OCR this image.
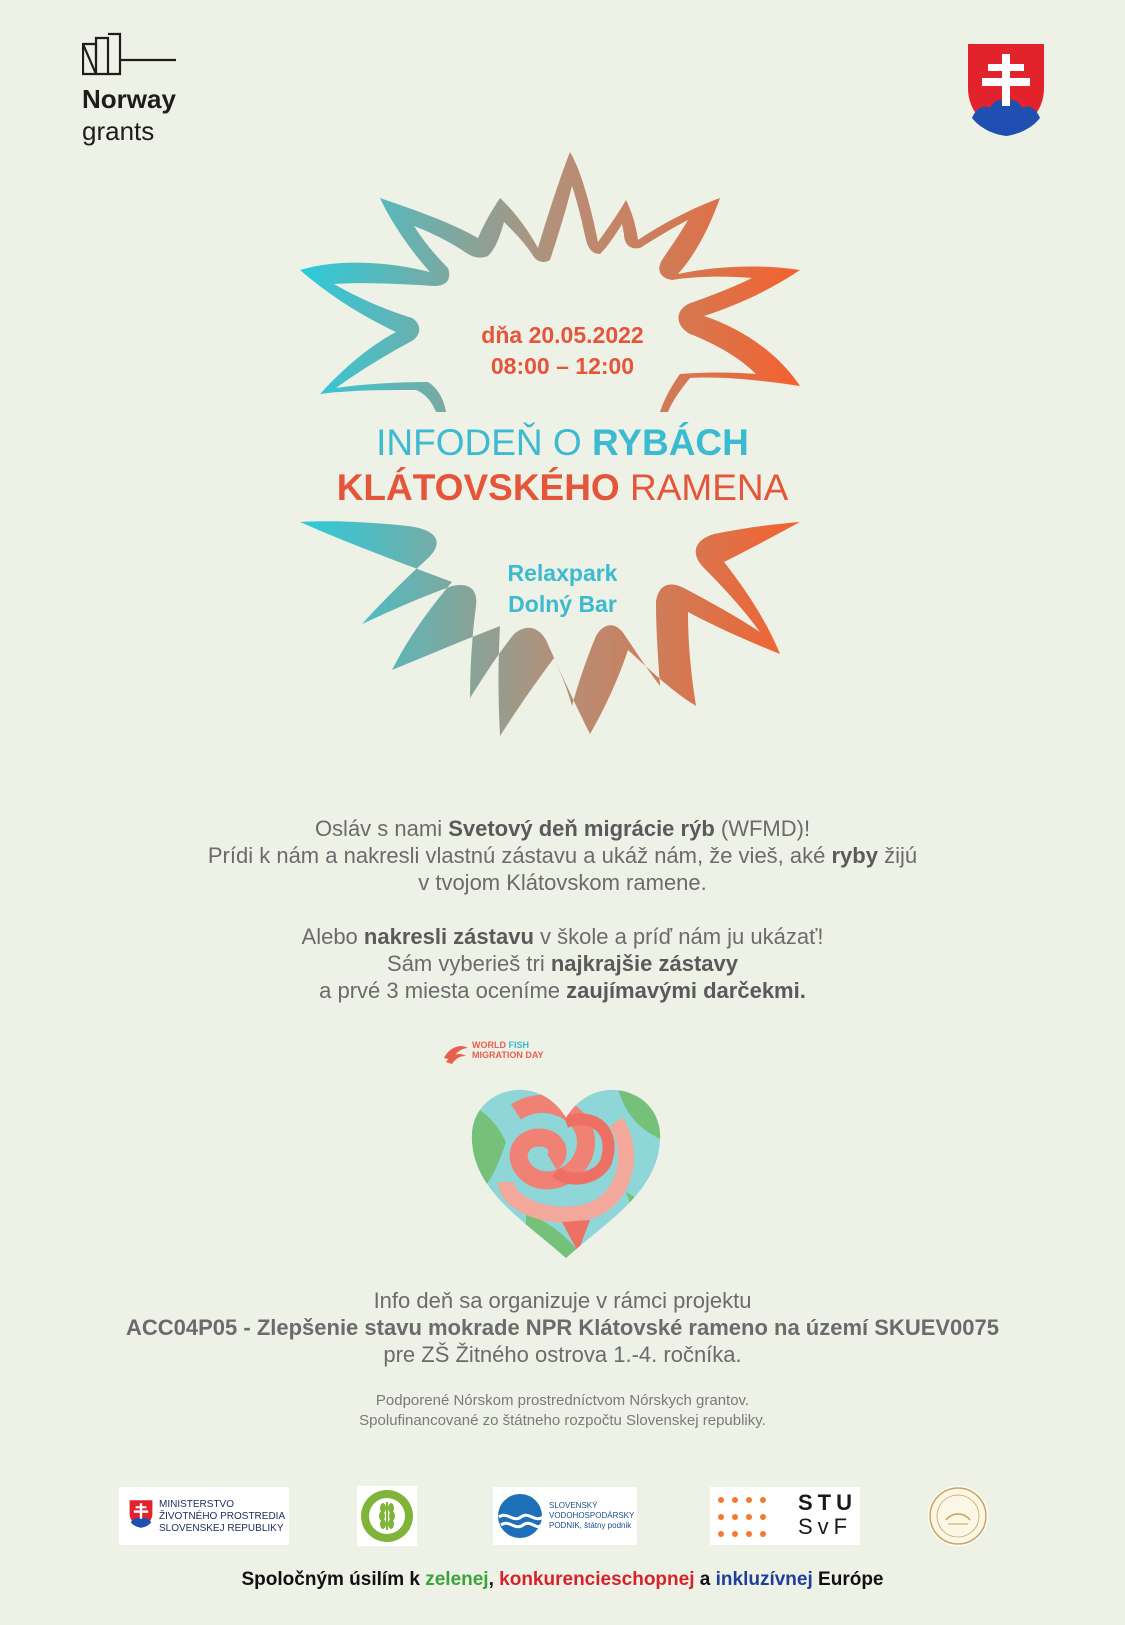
Norway
grants
dňa 20.05.2022
08:00 – 12:00
INFODEŇ O RYBÁCH
KLÁTOVSKÉHO RAMENA
Relaxpark
Dolný Bar
Osláv s nami Svetový deň migrácie rýb (WFMD)!
Prídi k nám a nakresli vlastnú zástavu a ukáž nám, že vieš, aké ryby žijú
v tvojom Klátovskom ramene.
Alebo nakresli zástavu v škole a príď nám ju ukázať!
Sám vyberieš tri najkrajšie zástavy
a prvé 3 miesta oceníme zaujímavými darčekmi.
WORLD FISH
MIGRATION DAY
Info deň sa organizuje v rámci projektu
ACC04P05 - Zlepšenie stavu mokrade NPR Klátovské rameno na území SKUEV0075
pre ZŠ Žitného ostrova 1.-4. ročníka.
Podporené Nórskom prostredníctvom Nórskych grantov.
Spolufinancované zo štátneho rozpočtu Slovenskej republiky.
MINISTERSTVO
ŽIVOTNÉHO PROSTREDIA
SLOVENSKEJ REPUBLIKY
SLOVENSKÝ
VODOHOSPODÁRSKY
PODNIK, štátny podnik
STU
SvF
Spoločným úsilím k zelenej, konkurencieschopnej a inkluzívnej Európe
